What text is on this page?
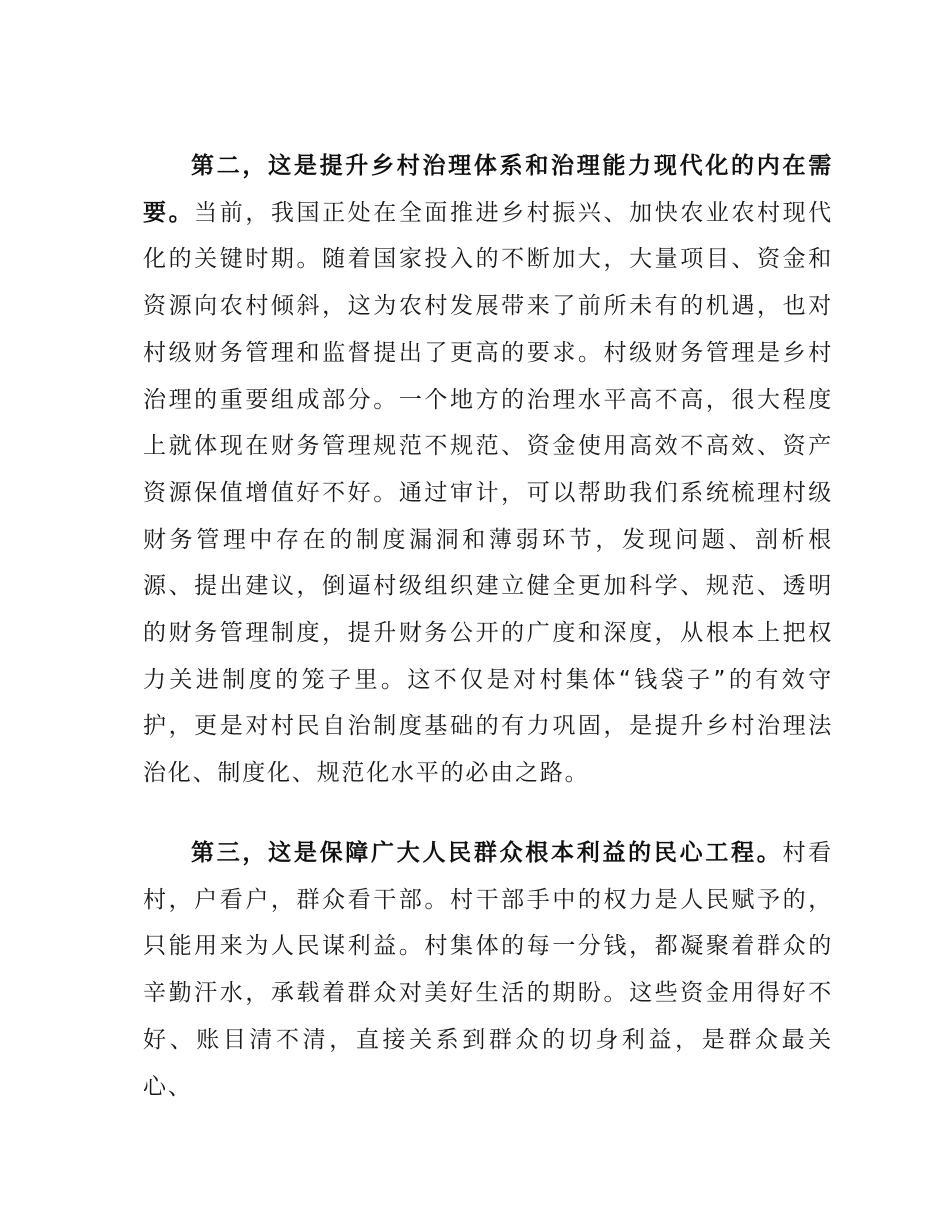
第二，这是提升乡村治理体系和治理能力现代化的内在需要。当前，我国正处在全面推进乡村振兴、加快农业农村现代化的关键时期。随着国家投入的不断加大，大量项目、资金和资源向农村倾斜，这为农村发展带来了前所未有的机遇，也对村级财务管理和监督提出了更高的要求。村级财务管理是乡村治理的重要组成部分。一个地方的治理水平高不高，很大程度上就体现在财务管理规范不规范、资金使用高效不高效、资产资源保值增值好不好。通过审计，可以帮助我们系统梳理村级财务管理中存在的制度漏洞和薄弱环节，发现问题、剖析根源、提出建议，倒逼村级组织建立健全更加科学、规范、透明的财务管理制度，提升财务公开的广度和深度，从根本上把权力关进制度的笼子里。这不仅是对村集体“钱袋子”的有效守护，更是对村民自治制度基础的有力巩固，是提升乡村治理法治化、制度化、规范化水平的必由之路。

第三，这是保障广大人民群众根本利益的民心工程。村看村，户看户，群众看干部。村干部手中的权力是人民赋予的，只能用来为人民谋利益。村集体的每一分钱，都凝聚着群众的辛勤汗水，承载着群众对美好生活的期盼。这些资金用得好不好、账目清不清，直接关系到群众的切身利益，是群众最关心、
